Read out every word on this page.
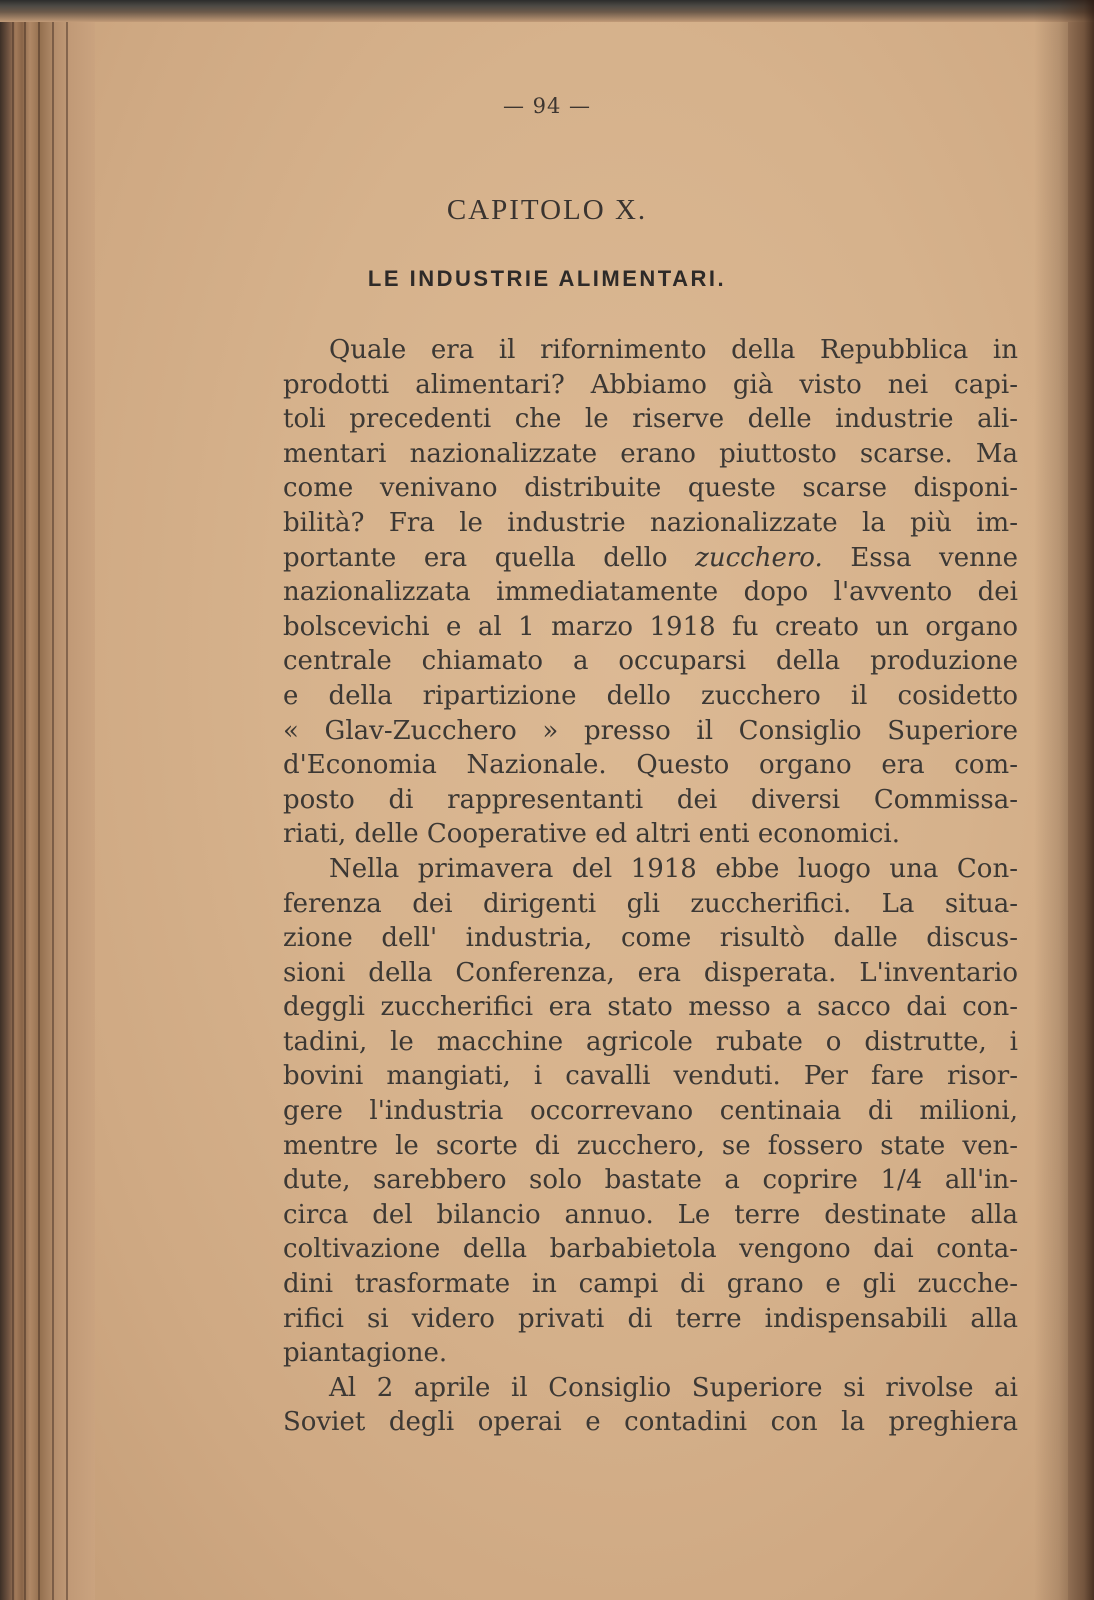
— 94 —
CAPITOLO X.
LE INDUSTRIE ALIMENTARI.
Quale era il rifornimento della Repubblica in
prodotti alimentari? Abbiamo già visto nei capi-
toli precedenti che le riserve delle industrie ali-
mentari nazionalizzate erano piuttosto scarse. Ma
come venivano distribuite queste scarse disponi-
bilità? Fra le industrie nazionalizzate la più im-
portante era quella dello zucchero. Essa venne
nazionalizzata immediatamente dopo l'avvento dei
bolscevichi e al 1 marzo 1918 fu creato un organo
centrale chiamato a occuparsi della produzione
e della ripartizione dello zucchero il cosidetto
« Glav-Zucchero » presso il Consiglio Superiore
d'Economia Nazionale. Questo organo era com-
posto di rappresentanti dei diversi Commissa-
riati, delle Cooperative ed altri enti economici.
Nella primavera del 1918 ebbe luogo una Con-
ferenza dei dirigenti gli zuccherifici. La situa-
zione dell' industria, come risultò dalle discus-
sioni della Conferenza, era disperata. L'inventario
deggli zuccherifici era stato messo a sacco dai con-
tadini, le macchine agricole rubate o distrutte, i
bovini mangiati, i cavalli venduti. Per fare risor-
gere l'industria occorrevano centinaia di milioni,
mentre le scorte di zucchero, se fossero state ven-
dute, sarebbero solo bastate a coprire 1/4 all'in-
circa del bilancio annuo. Le terre destinate alla
coltivazione della barbabietola vengono dai conta-
dini trasformate in campi di grano e gli zucche-
rifici si videro privati di terre indispensabili alla
piantagione.
Al 2 aprile il Consiglio Superiore si rivolse ai
Soviet degli operai e contadini con la preghiera
